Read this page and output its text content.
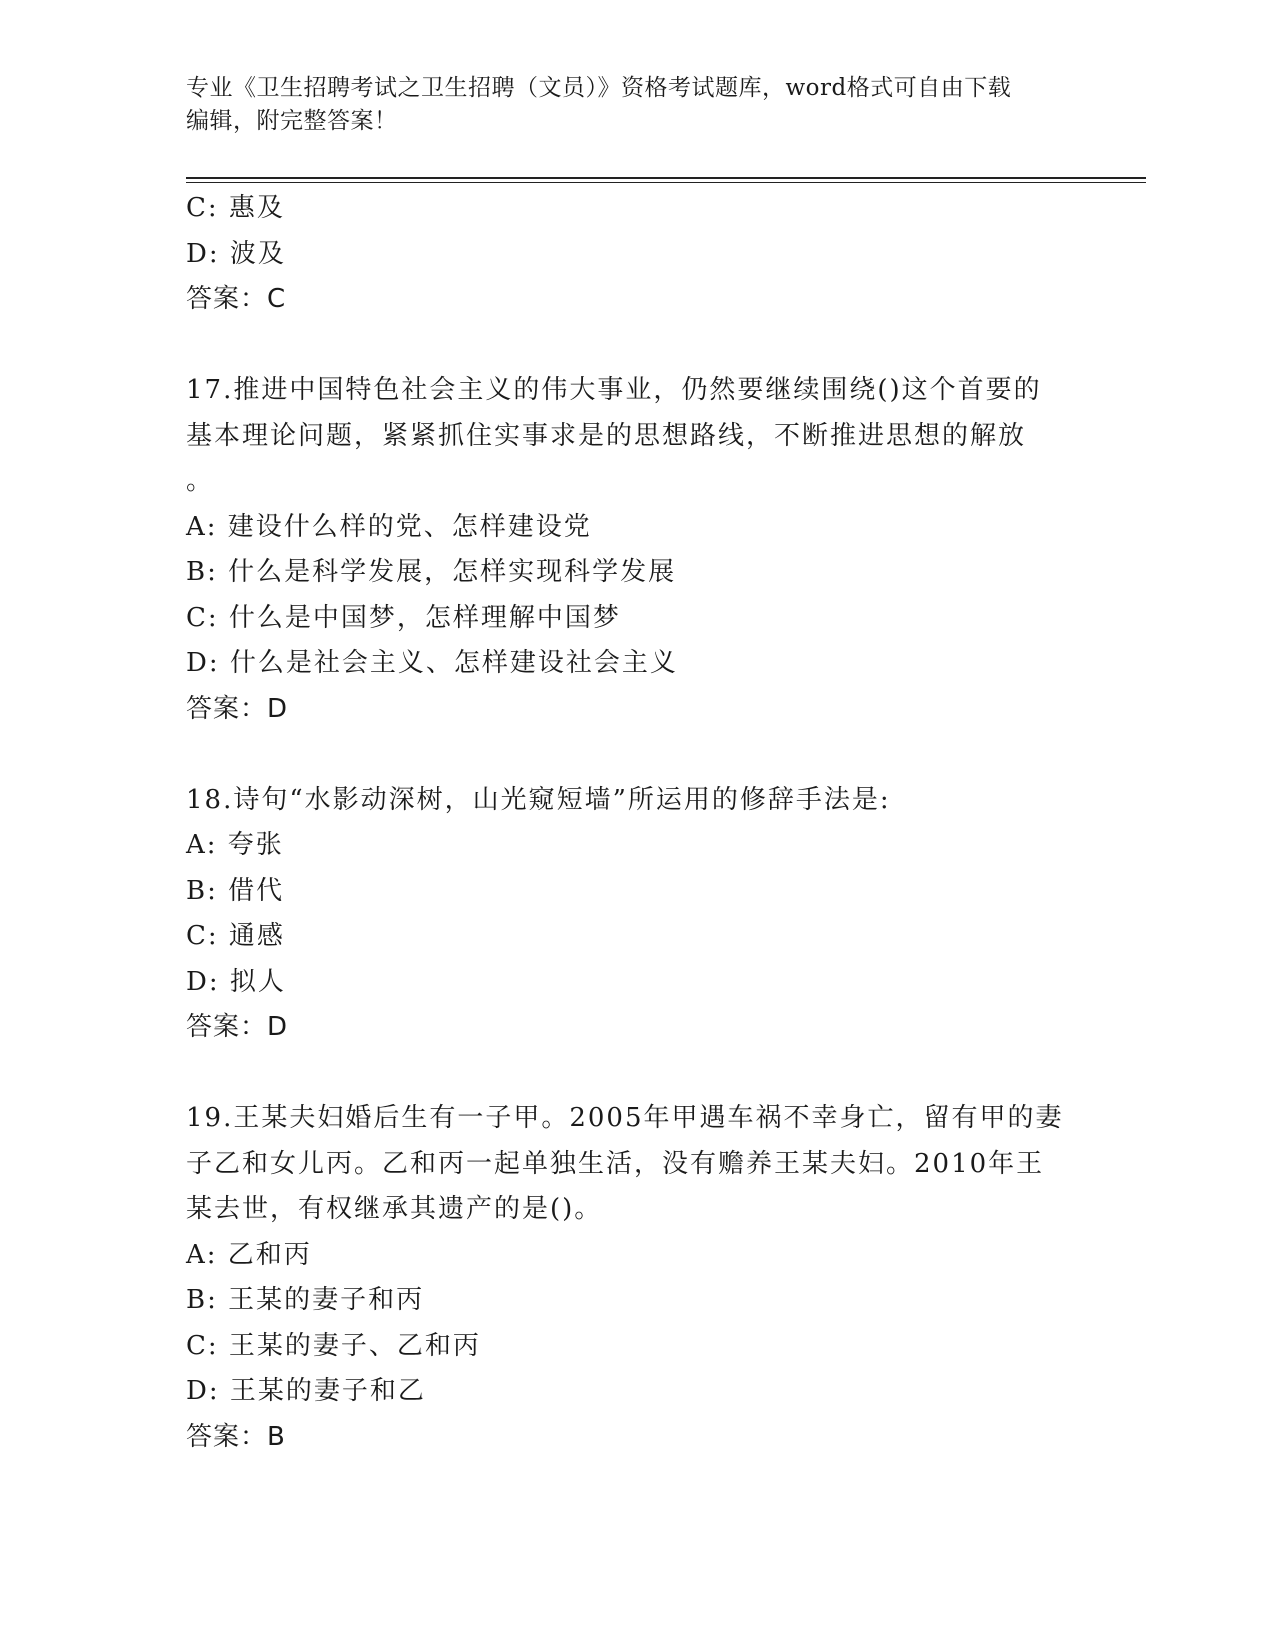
专业《卫生招聘考试之卫生招聘（文员）》资格考试题库，word格式可自由下载
编辑，附完整答案！
C: 惠及
D: 波及
答案：C
17.推进中国特色社会主义的伟大事业，仍然要继续围绕()这个首要的
基本理论问题，紧紧抓住实事求是的思想路线，不断推进思想的解放
。
A: 建设什么样的党、怎样建设党
B: 什么是科学发展，怎样实现科学发展
C: 什么是中国梦，怎样理解中国梦
D: 什么是社会主义、怎样建设社会主义
答案：D
18.诗句“水影动深树，山光窥短墙”所运用的修辞手法是:
A: 夸张
B: 借代
C: 通感
D: 拟人
答案：D
19.王某夫妇婚后生有一子甲。2005年甲遇车祸不幸身亡，留有甲的妻
子乙和女儿丙。乙和丙一起单独生活，没有赡养王某夫妇。2010年王
某去世，有权继承其遗产的是()。
A: 乙和丙
B: 王某的妻子和丙
C: 王某的妻子、乙和丙
D: 王某的妻子和乙
答案：B
